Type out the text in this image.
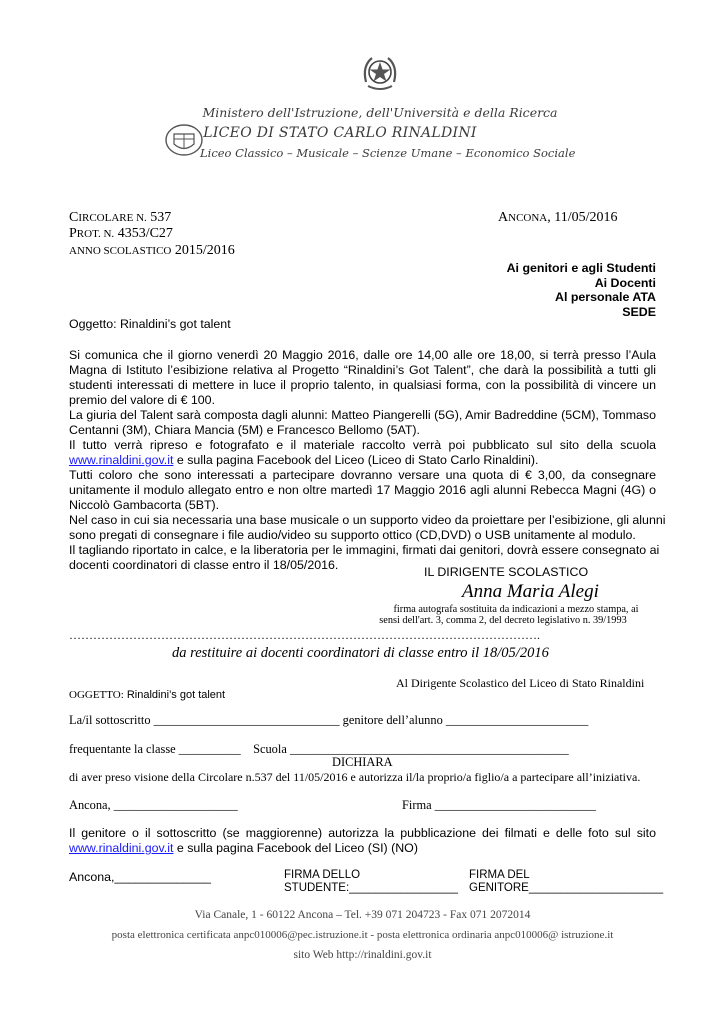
Ministero dell'Istruzione, dell'Università e della Ricerca
LICEO DI STATO CARLO RINALDINI
Liceo Classico – Musicale – Scienze Umane – Economico Sociale
CIRCOLARE N. 537
PROT. N. 4353/C27
ANNO SCOLASTICO 2015/2016
ANCONA, 11/05/2016
Ai genitori e agli Studenti
Ai Docenti
Al personale ATA
SEDE
Oggetto: Rinaldini’s got talent
Si comunica che il giorno venerdì 20 Maggio 2016, dalle ore 14,00 alle ore 18,00, si terrà presso l’Aula
Magna di Istituto l’esibizione relativa al Progetto “Rinaldini’s Got Talent”, che darà la possibilità a tutti gli
studenti interessati di mettere in luce il proprio talento, in qualsiasi forma, con la possibilità di vincere un
premio del valore di € 100.
La giuria del Talent sarà composta dagli alunni: Matteo Piangerelli (5G), Amir Badreddine (5CM), Tommaso
Centanni (3M), Chiara Mancia (5M) e Francesco Bellomo (5AT).
Il tutto verrà ripreso e fotografato e il materiale raccolto verrà poi pubblicato sul sito della scuola
www.rinaldini.gov.it e sulla pagina Facebook del Liceo (Liceo di Stato Carlo Rinaldini).
Tutti coloro che sono interessati a partecipare dovranno versare una quota di € 3,00, da consegnare
unitamente il modulo allegato entro e non oltre martedì 17 Maggio 2016 agli alunni Rebecca Magni (4G) o
Niccolò Gambacorta (5BT).
Nel caso in cui sia necessaria una base musicale o un supporto video da proiettare per l’esibizione, gli alunni
sono pregati di consegnare i file audio/video su supporto ottico (CD,DVD) o USB unitamente al modulo.
Il tagliando riportato in calce, e la liberatoria per le immagini, firmati dai genitori, dovrà essere consegnato ai
docenti coordinatori di classe entro il 18/05/2016.	IL DIRIGENTE SCOLASTICO
Anna Maria Alegi
firma autografa sostituita da indicazioni a mezzo stampa, ai
sensi dell'art. 3, comma 2, del decreto legislativo n. 39/1993
……………………………………………………………………………………………………….
da restituire ai docenti coordinatori di classe entro il 18/05/2016
Al Dirigente Scolastico del Liceo di Stato Rinaldini
OGGETTO: Rinaldini’s got talent
La/il sottoscritto ______________________________ genitore dell’alunno _______________________
frequentante la classe __________ Scuola _____________________________________________
DICHIARA
di aver preso visione della Circolare n.537 del 11/05/2016 e autorizza il/la proprio/a figlio/a a partecipare all’iniziativa.
Ancona, ____________________	Firma __________________________
Il genitore o il sottoscritto (se maggiorenne) autorizza la pubblicazione dei filmati e delle foto sul sito
www.rinaldini.gov.it e sulla pagina Facebook del Liceo (SI) (NO)
Ancona,______________	FIRMA DELLO
STUDENTE:_________________
FIRMA DEL
GENITORE_____________________
Via Canale, 1 - 60122 Ancona – Tel. +39 071 204723 - Fax 071 2072014
posta elettronica certificata anpc010006@pec.istruzione.it - posta elettronica ordinaria anpc010006@ istruzione.it
sito Web http://rinaldini.gov.it
